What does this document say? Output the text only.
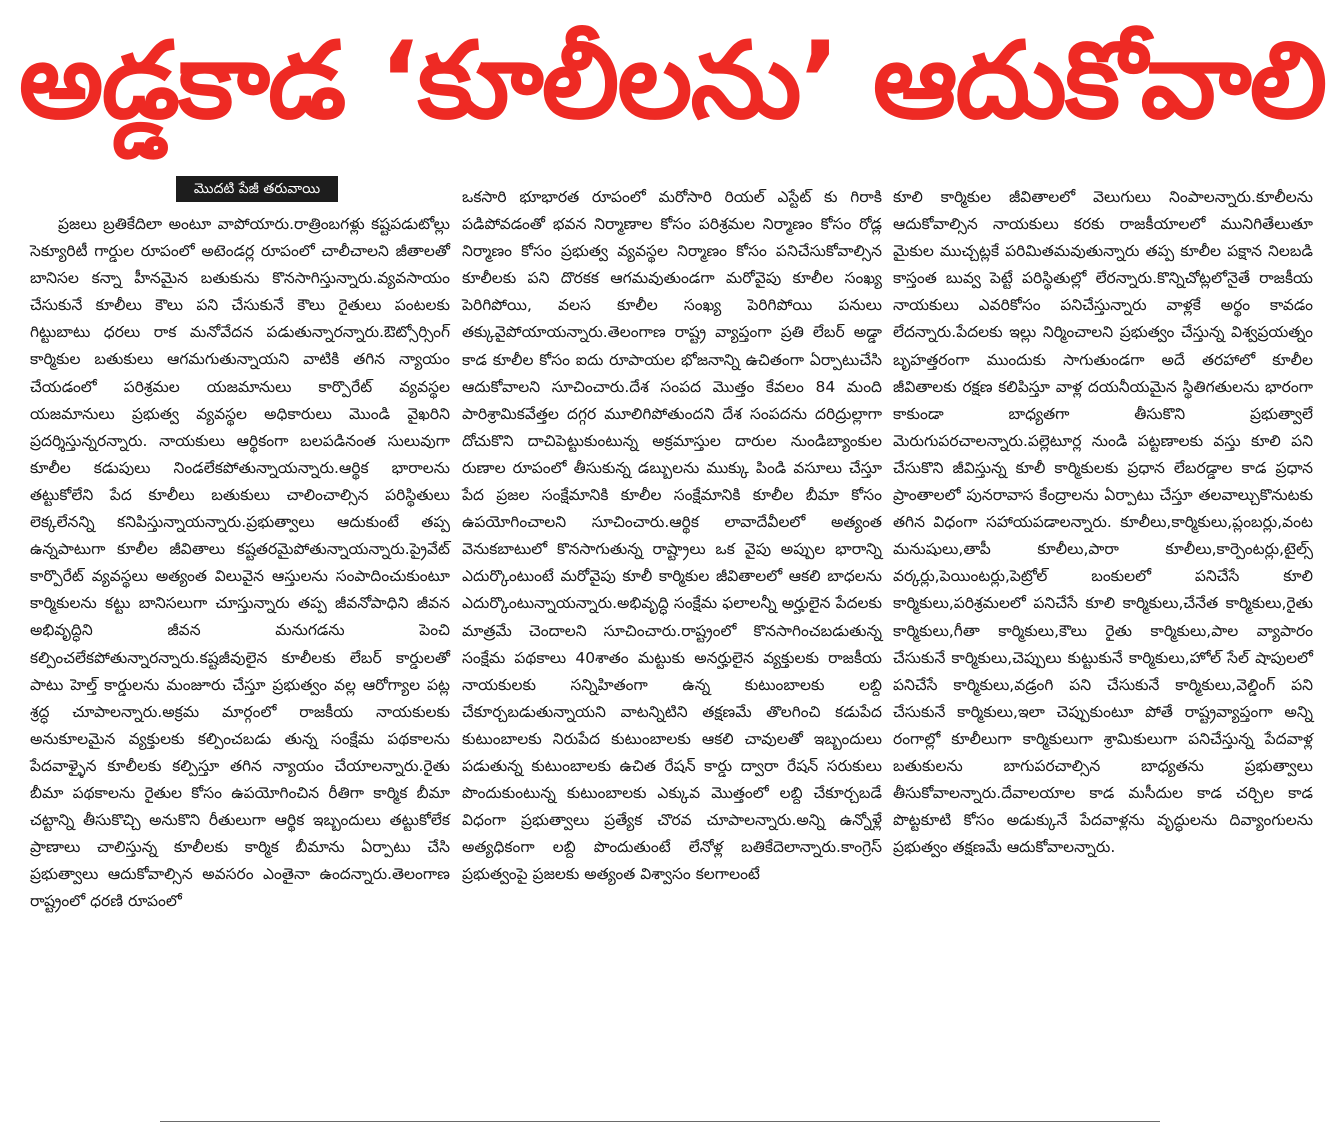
అడ్డకాడ ‘కూలీలను’ ఆదుకోవాలి
మొదటి పేజీ తరువాయి

ప్రజలు బ్రతికేదిలా అంటూ వాపోయారు.రాత్రింబగళ్లు కష్టపడుటోల్లు సెక్యూరిటీ గార్డుల రూపంలో అటెండర్ల రూపంలో చాలీచాలని జీతాలతో బానిసల కన్నా హీనమైన బతుకును కొనసాగిస్తున్నారు.వ్యవసాయం చేసుకునే కూలీలు కౌలు పని చేసుకునే కౌలు రైతులు పంటలకు గిట్టుబాటు ధరలు రాక మనోవేదన పడుతున్నారన్నారు.ఔట్సోర్సింగ్ కార్మికుల బతుకులు ఆగమగుతున్నాయని వాటికి తగిన న్యాయం చేయడంలో పరిశ్రమల యజమానులు కార్పొరేట్ వ్యవస్థల యజమానులు ప్రభుత్వ వ్యవస్థల అధికారులు మొండి వైఖరిని ప్రదర్శిస్తున్నరన్నారు. నాయకులు ఆర్థికంగా బలపడినంత సులువుగా కూలీల కడుపులు నిండలేకపోతున్నాయన్నారు.ఆర్థిక భారాలను తట్టుకోలేని పేద కూలీలు బతుకులు చాలించాల్సిన పరిస్థితులు లెక్కలేనన్ని కనిపిస్తున్నాయన్నారు.ప్రభుత్వాలు ఆదుకుంటే తప్ప ఉన్నపాటుగా కూలీల జీవితాలు కష్టతరమైపోతున్నాయన్నారు.ప్రైవేట్ కార్పొరేట్ వ్యవస్థలు అత్యంత విలువైన ఆస్తులను సంపాదించుకుంటూ కార్మికులను కట్టు బానిసలుగా చూస్తున్నారు తప్ప జీవనోపాధిని జీవన అభివృద్ధిని జీవన మనుగడను పెంచి కల్పించలేకపోతున్నారన్నారు.కష్టజీవులైన కూలీలకు లేబర్ కార్డులతో పాటు హెల్త్ కార్డులను మంజూరు చేస్తూ ప్రభుత్వం వల్ల ఆరోగ్యాల పట్ల శ్రద్ధ చూపాలన్నారు.అక్రమ మార్గంలో రాజకీయ నాయకులకు అనుకూలమైన వ్యక్తులకు కల్పించబడు తున్న సంక్షేమ పథకాలను పేదవాళ్ళైన కూలీలకు కల్పిస్తూ తగిన న్యాయం చేయాలన్నారు.రైతు బీమా పథకాలను రైతుల కోసం ఉపయోగించిన రీతిగా కార్మిక బీమా చట్టాన్ని తీసుకొచ్చి అనుకొని రీతులుగా ఆర్థిక ఇబ్బందులు తట్టుకోలేక ప్రాణాలు చాలిస్తున్న కూలీలకు కార్మిక బీమాను ఏర్పాటు చేసి ప్రభుత్వాలు ఆదుకోవాల్సిన అవసరం ఎంతైనా ఉందన్నారు.తెలంగాణ రాష్ట్రంలో ధరణి రూపంలో

ఒకసారి భూభారత రూపంలో మరోసారి రియల్ ఎస్టేట్ కు గిరాకి పడిపోవడంతో భవన నిర్మాణాల కోసం పరిశ్రమల నిర్మాణం కోసం రోడ్ల నిర్మాణం కోసం ప్రభుత్వ వ్యవస్థల నిర్మాణం కోసం పనిచేసుకోవాల్సిన కూలీలకు పని దొరకక ఆగమవుతుండగా మరోవైపు కూలీల సంఖ్య పెరిగిపోయి, వలస కూలీల సంఖ్య పెరిగిపోయి పనులు తక్కువైపోయాయన్నారు.తెలంగాణ రాష్ట్ర వ్యాప్తంగా ప్రతి లేబర్ అడ్డా కాడ కూలీల కోసం ఐదు రూపాయల భోజనాన్ని ఉచితంగా ఏర్పాటుచేసి ఆదుకోవాలని సూచించారు.దేశ సంపద మొత్తం కేవలం 84 మంది పారిశ్రామికవేత్తల దగ్గర మూలిగిపోతుందని దేశ సంపదను దరిద్రుల్లాగా దోచుకొని దాచిపెట్టుకుంటున్న అక్రమాస్తుల దారుల నుండిబ్యాంకుల రుణాల రూపంలో తీసుకున్న డబ్బులను ముక్కు పిండి వసూలు చేస్తూ పేద ప్రజల సంక్షేమానికి కూలీల సంక్షేమానికి కూలీల బీమా కోసం ఉపయోగించాలని సూచించారు.ఆర్థిక లావాదేవీలలో అత్యంత వెనుకబాటులో కొనసాగుతున్న రాష్ట్రాలు ఒక వైపు అప్పుల భారాన్ని ఎదుర్కొంటుంటే మరోవైపు కూలీ కార్మికుల జీవితాలలో ఆకలి బాధలను ఎదుర్కొంటున్నాయన్నారు.అభివృద్ధి సంక్షేమ ఫలాలన్నీ అర్హులైన పేదలకు మాత్రమే చెందాలని సూచించారు.రాష్ట్రంలో కొనసాగించబడుతున్న సంక్షేమ పథకాలు 40శాతం మట్టుకు అనర్హులైన వ్యక్తులకు రాజకీయ నాయకులకు సన్నిహితంగా ఉన్న కుటుంబాలకు లబ్ది చేకూర్చబడుతున్నాయని వాటన్నిటిని తక్షణమే తొలగించి కడుపేద కుటుంబాలకు నిరుపేద కుటుంబాలకు ఆకలి చావులతో ఇబ్బందులు పడుతున్న కుటుంబాలకు ఉచిత రేషన్ కార్డు ద్వారా రేషన్ సరుకులు పొందుకుంటున్న కుటుంబాలకు ఎక్కువ మొత్తంలో లబ్ది చేకూర్చబడే విధంగా ప్రభుత్వాలు ప్రత్యేక చొరవ చూపాలన్నారు.అన్ని ఉన్నోళ్లే అత్యధికంగా లబ్ది పొందుతుంటే లేనోళ్ల బతికేదెలాన్నారు.కాంగ్రెస్ ప్రభుత్వంపై ప్రజలకు అత్యంత విశ్వాసం కలగాలంటే

కూలి కార్మికుల జీవితాలలో వెలుగులు నింపాలన్నారు.కూలీలను ఆదుకోవాల్సిన నాయకులు కరకు రాజకీయాలలో మునిగితేలుతూ మైకుల ముచ్చట్లకే పరిమితమవుతున్నారు తప్ప కూలీల పక్షాన నిలబడి కాస్తంత బువ్వ పెట్టే పరిస్థితుల్లో లేరన్నారు.కొన్నిచోట్లలోనైతే రాజకీయ నాయకులు ఎవరికోసం పనిచేస్తున్నారు వాళ్లకే అర్థం కావడం లేదన్నారు.పేదలకు ఇల్లు నిర్మించాలని ప్రభుత్వం చేస్తున్న విశ్వప్రయత్నం బృహత్తరంగా ముందుకు సాగుతుండగా అదే తరహాలో కూలీల జీవితాలకు రక్షణ కలిపిస్తూ వాళ్ల దయనీయమైన స్థితిగతులను భారంగా కాకుండా బాధ్యతగా తీసుకొని ప్రభుత్వాలే మెరుగుపరచాలన్నారు.పల్లెటూర్ల నుండి పట్టణాలకు వస్తు కూలి పని చేసుకొని జీవిస్తున్న కూలీ కార్మికులకు ప్రధాన లేబరడ్డాల కాడ ప్రధాన ప్రాంతాలలో పునరావాస కేంద్రాలను ఏర్పాటు చేస్తూ తలవాల్చుకొనుటకు తగిన విధంగా సహాయపడాలన్నారు. కూలీలు,కార్మికులు,ప్లంబర్లు,వంట మనుషులు,తాపీ కూలీలు,పారా కూలీలు,కార్పెంటర్లు,టైల్స్ వర్కర్లు,పెయింటర్లు,పెట్రోల్ బంకులలో పనిచేసే కూలి కార్మికులు,పరిశ్రమలలో పనిచేసే కూలి కార్మికులు,చేనేత కార్మికులు,రైతు కార్మికులు,గీతా కార్మికులు,కౌలు రైతు కార్మికులు,పాల వ్యాపారం చేసుకునే కార్మికులు,చెప్పులు కుట్టుకునే కార్మికులు,హోల్ సేల్ షాపులలో పనిచేసే కార్మికులు,వడ్రంగి పని చేసుకునే కార్మికులు,వెల్డింగ్ పని చేసుకునే కార్మికులు,ఇలా చెప్పుకుంటూ పోతే రాష్ట్రవ్యాప్తంగా అన్ని రంగాల్లో కూలీలుగా కార్మికులుగా శ్రామికులుగా పనిచేస్తున్న పేదవాళ్ల బతుకులను బాగుపరచాల్సిన బాధ్యతను ప్రభుత్వాలు తీసుకోవాలన్నారు.దేవాలయాల కాడ మసీదుల కాడ చర్చిల కాడ పొట్టకూటి కోసం అడుక్కునే పేదవాళ్లను వృద్ధులను దివ్యాంగులను ప్రభుత్వం తక్షణమే ఆదుకోవాలన్నారు.
